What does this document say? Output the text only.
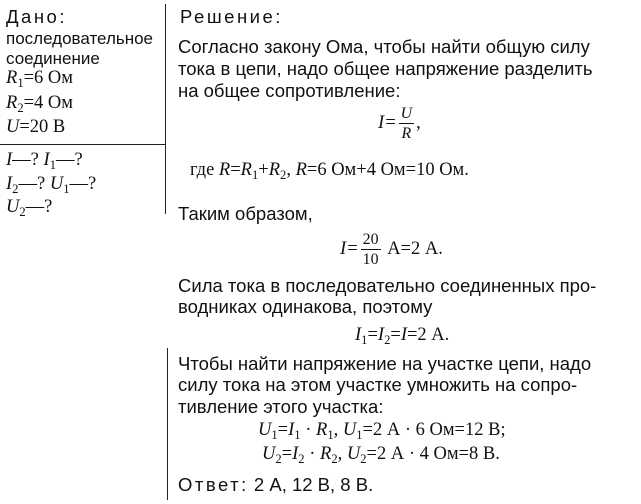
Дано:
последовательное
соединение
$R_1=6$ Ом
$R_2=4$ Ом
U=20 В
I—? $I_1—$?
$I_2—$? $U_1—$?
$U_2—$?
Решение:
Согласно закону Ома, чтобы найти общую силу
тока в цепи, надо общее напряжение разделить
на общее сопротивление:
$I= \frac{U}{R}$ ,
где $R=R_1+R_2$, R=6 Ом+4 Ом=10 Ом.
Таким образом,
$I= \frac{20}{10} А=2$ А.
Сила тока в последовательно соединенных про-
водниках одинакова, поэтому
$I_1=I_2=I=2$ А.
Чтобы найти напряжение на участке цепи, надо
силу тока на этом участке умножить на сопро-
тивление этого участка:
$U_1=I_1 \cdot R_1$, $U_1=2$ А · 6 Ом=12 В;
$U_2=I_2 \cdot R_2$, $U_2=2$ А · 4 Ом=8 В.
Ответ: 2 А, 12 В, 8 В.
